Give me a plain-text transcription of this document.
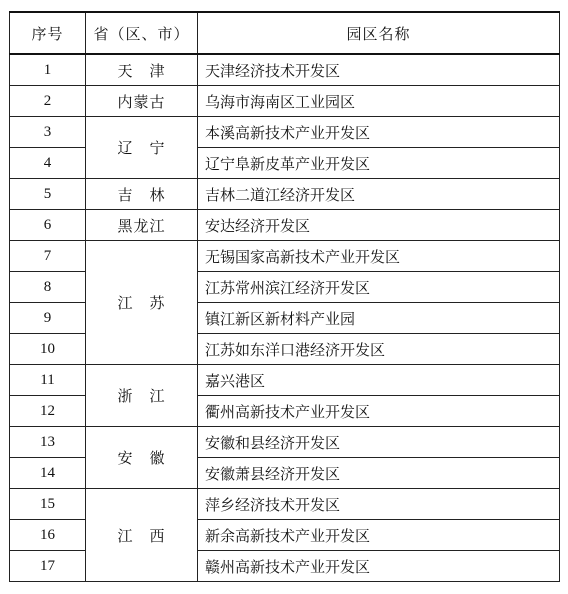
序号	省（区、市）	园区名称
1	天　津	天津经济技术开发区
2	内蒙古	乌海市海南区工业园区
3	辽　宁	本溪高新技术产业开发区
4		辽宁阜新皮革产业开发区
5	吉　林	吉林二道江经济开发区
6	黑龙江	安达经济开发区
7	江　苏	无锡国家高新技术产业开发区
8		江苏常州滨江经济开发区
9		镇江新区新材料产业园
10		江苏如东洋口港经济开发区
11	浙　江	嘉兴港区
12		衢州高新技术产业开发区
13	安　徽	安徽和县经济开发区
14		安徽萧县经济开发区
15	江　西	萍乡经济技术开发区
16		新余高新技术产业开发区
17		赣州高新技术产业开发区
